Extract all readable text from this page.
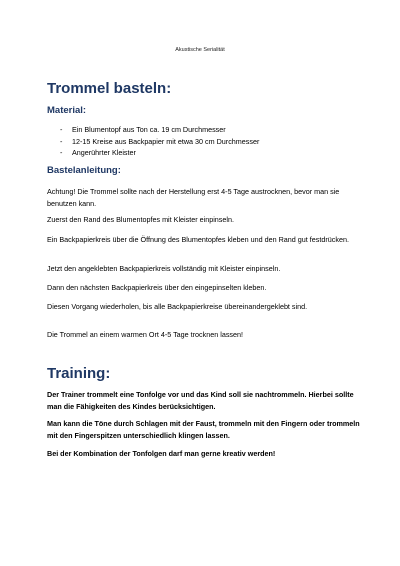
Akustische Serialität
Trommel basteln:
Material:
- Ein Blumentopf aus Ton ca. 19 cm Durchmesser
- 12-15 Kreise aus Backpapier mit etwa 30 cm Durchmesser
- Angerührter Kleister
Bastelanleitung:

Achtung! Die Trommel sollte nach der Herstellung erst 4-5 Tage austrocknen, bevor man sie benutzen kann.

Zuerst den Rand des Blumentopfes mit Kleister einpinseln.

Ein Backpapierkreis über die Öffnung des Blumentopfes kleben und den Rand gut festdrücken.

Jetzt den angeklebten Backpapierkreis vollständig mit Kleister einpinseln.

Dann den nächsten Backpapierkreis über den eingepinselten kleben.

Diesen Vorgang wiederholen, bis alle Backpapierkreise übereinandergeklebt sind.

Die Trommel an einem warmen Ort 4-5 Tage trocknen lassen!

Training:

Der Trainer trommelt eine Tonfolge vor und das Kind soll sie nachtrommeln. Hierbei sollte man die Fähigkeiten des Kindes berücksichtigen.

Man kann die Töne durch Schlagen mit der Faust, trommeln mit den Fingern oder trommeln mit den Fingerspitzen unterschiedlich klingen lassen.

Bei der Kombination der Tonfolgen darf man gerne kreativ werden!
